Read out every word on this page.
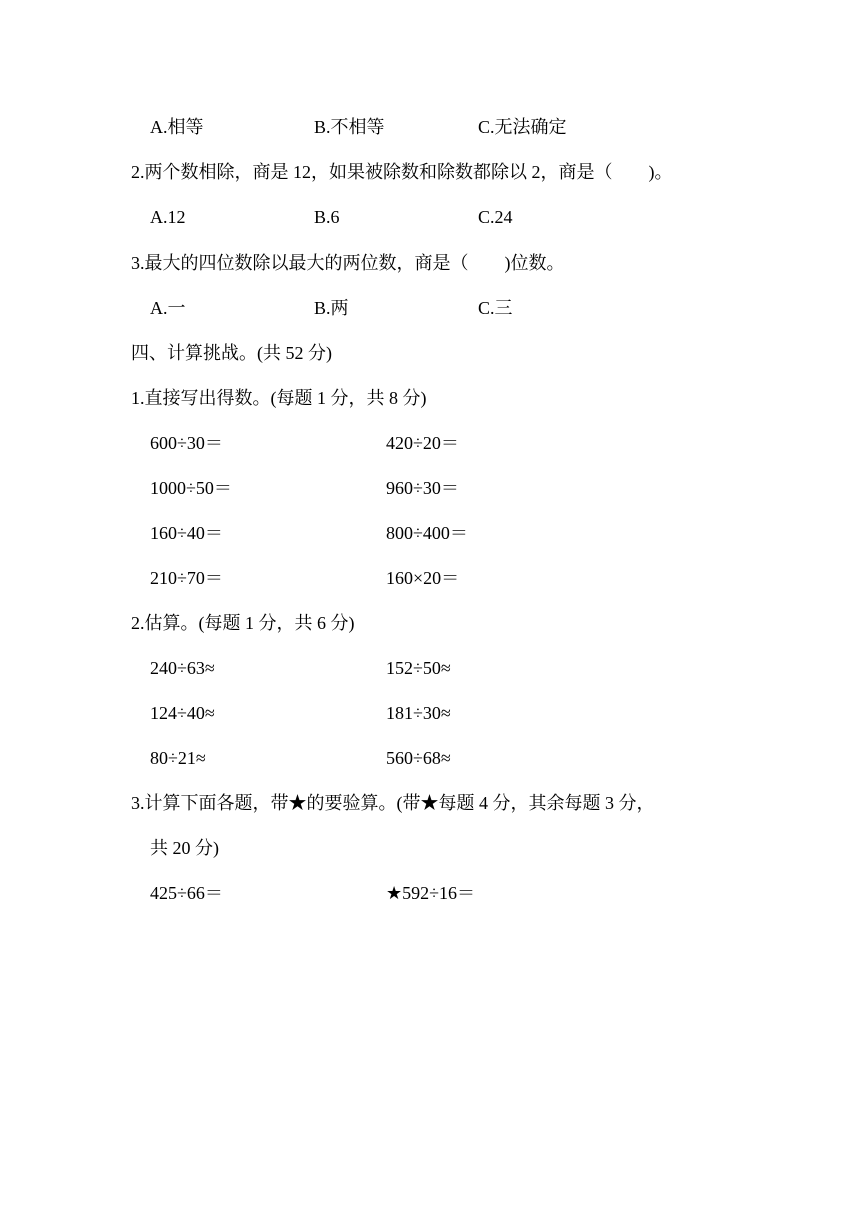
A.相等	B.不相等	C.无法确定
2.两个数相除，商是 12，如果被除数和除数都除以 2，商是（　　)。
A.12	B.6	C.24
3.最大的四位数除以最大的两位数，商是（　　)位数。
A.一	B.两	C.三
四、计算挑战。(共 52 分)
1.直接写出得数。(每题 1 分，共 8 分)
600÷30＝	420÷20＝
1000÷50＝	960÷30＝
160÷40＝	800÷400＝
210÷70＝	160×20＝
2.估算。(每题 1 分，共 6 分)
240÷63≈	152÷50≈
124÷40≈	181÷30≈
80÷21≈	560÷68≈
3.计算下面各题，带★的要验算。(带★每题 4 分，其余每题 3 分，
共 20 分)
425÷66＝	★592÷16＝
